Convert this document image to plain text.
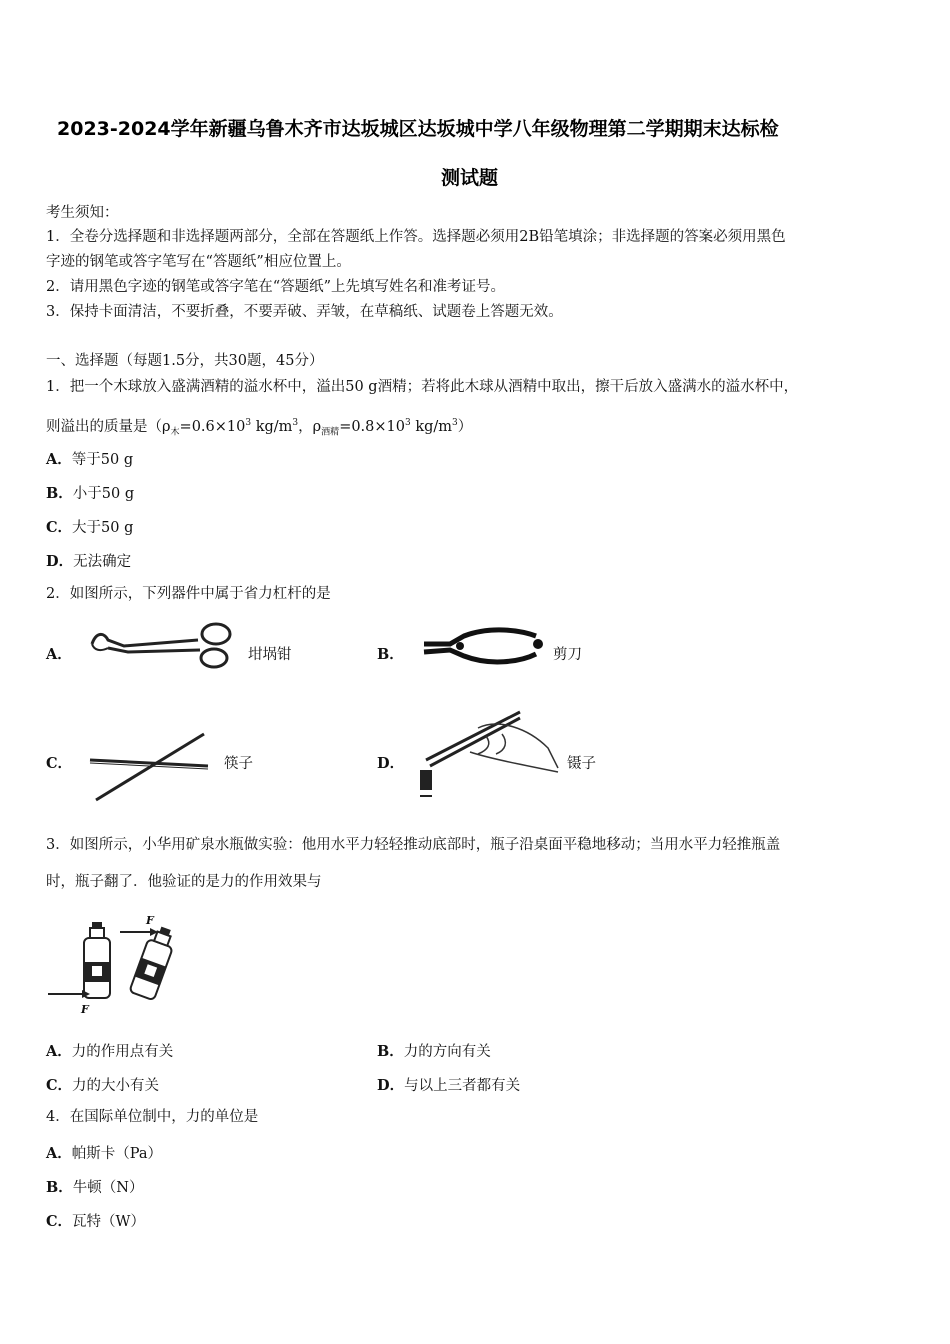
2023-2024学年新疆乌鲁木齐市达坂城区达坂城中学八年级物理第二学期期末达标检
测试题
考生须知：
1．全卷分选择题和非选择题两部分，全部在答题纸上作答。选择题必须用2B铅笔填涂；非选择题的答案必须用黑色
字迹的钢笔或答字笔写在“答题纸”相应位置上。
2．请用黑色字迹的钢笔或答字笔在“答题纸”上先填写姓名和准考证号。
3．保持卡面清洁，不要折叠，不要弄破、弄皱，在草稿纸、试题卷上答题无效。
一、选择题（每题1.5分，共30题，45分）
1．把一个木球放入盛满酒精的溢水杯中，溢出50 g酒精；若将此木球从酒精中取出，擦干后放入盛满水的溢水杯中，
则溢出的质量是（$\rho_木=0.6\times 10^3$ $kg/m^3$，$\rho_{酒精}=0.8\times 10^3$ $kg/m^3$）
A．等于50 g
B．小于50 g
C．大于50 g
D．无法确定
2．如图所示，下列器件中属于省力杠杆的是
A．	坩埚钳	B．	剪刀
C．	筷子	D．	镊子
3．如图所示，小华用矿泉水瓶做实验：他用水平力轻轻推动底部时，瓶子沿桌面平稳地移动；当用水平力轻推瓶盖
时，瓶子翻了．他验证的是力的作用效果与
F
F
A．力的作用点有关	B．力的方向有关
C．力的大小有关	D．与以上三者都有关
4．在国际单位制中，力的单位是
A．帕斯卡（Pa）
B．牛顿（N）
C．瓦特（W）
